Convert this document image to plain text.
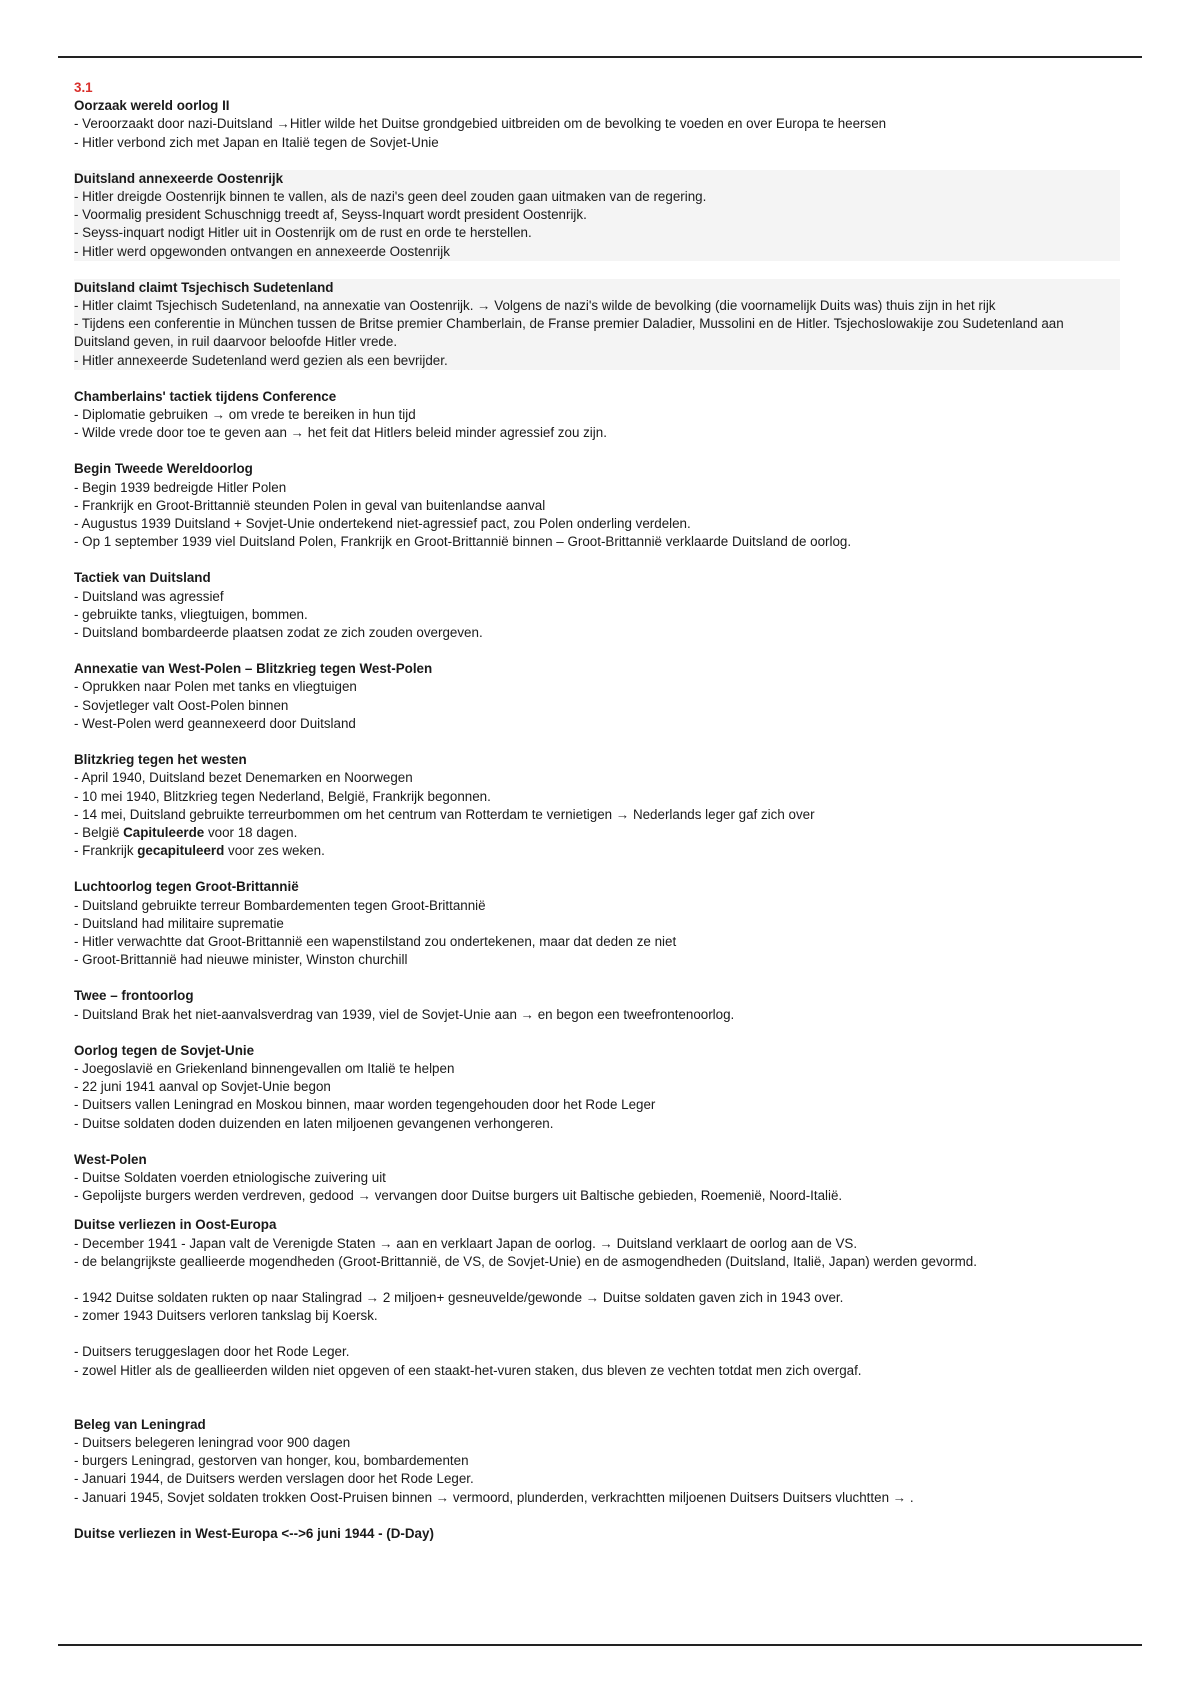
3.1

Oorzaak wereld oorlog II

- Veroorzaakt door nazi-Duitsland →Hitler wilde het Duitse grondgebied uitbreiden om de bevolking te voeden en over Europa te heersen

- Hitler verbond zich met Japan en Italië tegen de Sovjet-Unie

Duitsland annexeerde Oostenrijk

- Hitler dreigde Oostenrijk binnen te vallen, als de nazi's geen deel zouden gaan uitmaken van de regering.

- Voormalig president Schuschnigg treedt af, Seyss-Inquart wordt president Oostenrijk.

- Seyss-inquart nodigt Hitler uit in Oostenrijk om de rust en orde te herstellen.

- Hitler werd opgewonden ontvangen en annexeerde Oostenrijk

Duitsland claimt Tsjechisch Sudetenland

- Hitler claimt Tsjechisch Sudetenland, na annexatie van Oostenrijk. → Volgens de nazi's wilde de bevolking (die voornamelijk Duits was) thuis zijn in het rijk

- Tijdens een conferentie in München tussen de Britse premier Chamberlain, de Franse premier Daladier, Mussolini en de Hitler. Tsjechoslowakije zou Sudetenland aan Duitsland geven, in ruil daarvoor beloofde Hitler vrede.

- Hitler annexeerde Sudetenland werd gezien als een bevrijder.

Chamberlains' tactiek tijdens Conference

- Diplomatie gebruiken → om vrede te bereiken in hun tijd

- Wilde vrede door toe te geven aan → het feit dat Hitlers beleid minder agressief zou zijn.

Begin Tweede Wereldoorlog

- Begin 1939 bedreigde Hitler Polen

- Frankrijk en Groot-Brittannië steunden Polen in geval van buitenlandse aanval

- Augustus 1939 Duitsland + Sovjet-Unie ondertekend niet-agressief pact, zou Polen onderling verdelen.

- Op 1 september 1939 viel Duitsland Polen, Frankrijk en Groot-Brittannië binnen – Groot-Brittannië verklaarde Duitsland de oorlog.

Tactiek van Duitsland

- Duitsland was agressief

- gebruikte tanks, vliegtuigen, bommen.

- Duitsland bombardeerde plaatsen zodat ze zich zouden overgeven.

Annexatie van West-Polen – Blitzkrieg tegen West-Polen

- Oprukken naar Polen met tanks en vliegtuigen

- Sovjetleger valt Oost-Polen binnen

- West-Polen werd geannexeerd door Duitsland

Blitzkrieg tegen het westen

- April 1940, Duitsland bezet Denemarken en Noorwegen

- 10 mei 1940, Blitzkrieg tegen Nederland, België, Frankrijk begonnen.

- 14 mei, Duitsland gebruikte terreurbommen om het centrum van Rotterdam te vernietigen → Nederlands leger gaf zich over

- België Capituleerde voor 18 dagen.

- Frankrijk gecapituleerd voor zes weken.

Luchtoorlog tegen Groot-Brittannië

- Duitsland gebruikte terreur Bombardementen tegen Groot-Brittannië

- Duitsland had militaire suprematie

- Hitler verwachtte dat Groot-Brittannië een wapenstilstand zou ondertekenen, maar dat deden ze niet

- Groot-Brittannië had nieuwe minister, Winston churchill

Twee – frontoorlog

- Duitsland Brak het niet-aanvalsverdrag van 1939, viel de Sovjet-Unie aan → en begon een tweefrontenoorlog.

Oorlog tegen de Sovjet-Unie

- Joegoslavië en Griekenland binnengevallen om Italië te helpen

- 22 juni 1941 aanval op Sovjet-Unie begon

- Duitsers vallen Leningrad en Moskou binnen, maar worden tegengehouden door het Rode Leger

- Duitse soldaten doden duizenden en laten miljoenen gevangenen verhongeren.

West-Polen

- Duitse Soldaten voerden etniologische zuivering uit

- Gepolijste burgers werden verdreven, gedood → vervangen door Duitse burgers uit Baltische gebieden, Roemenië, Noord-Italië.

Duitse verliezen in Oost-Europa

- December 1941 - Japan valt de Verenigde Staten → aan en verklaart Japan de oorlog. → Duitsland verklaart de oorlog aan de VS.

- de belangrijkste geallieerde mogendheden (Groot-Brittannië, de VS, de Sovjet-Unie) en de asmogendheden (Duitsland, Italië, Japan) werden gevormd.

- 1942 Duitse soldaten rukten op naar Stalingrad → 2 miljoen+ gesneuvelde/gewonde → Duitse soldaten gaven zich in 1943 over.

- zomer 1943 Duitsers verloren tankslag bij Koersk.

- Duitsers teruggeslagen door het Rode Leger.

- zowel Hitler als de geallieerden wilden niet opgeven of een staakt-het-vuren staken, dus bleven ze vechten totdat men zich overgaf.

Beleg van Leningrad

- Duitsers belegeren leningrad voor 900 dagen

- burgers Leningrad, gestorven van honger, kou, bombardementen

- Januari 1944, de Duitsers werden verslagen door het Rode Leger.

- Januari 1945, Sovjet soldaten trokken Oost-Pruisen binnen → vermoord, plunderden, verkrachtten miljoenen Duitsers Duitsers vluchtten → .

Duitse verliezen in West-Europa <-->6 juni 1944 - (D-Day)
